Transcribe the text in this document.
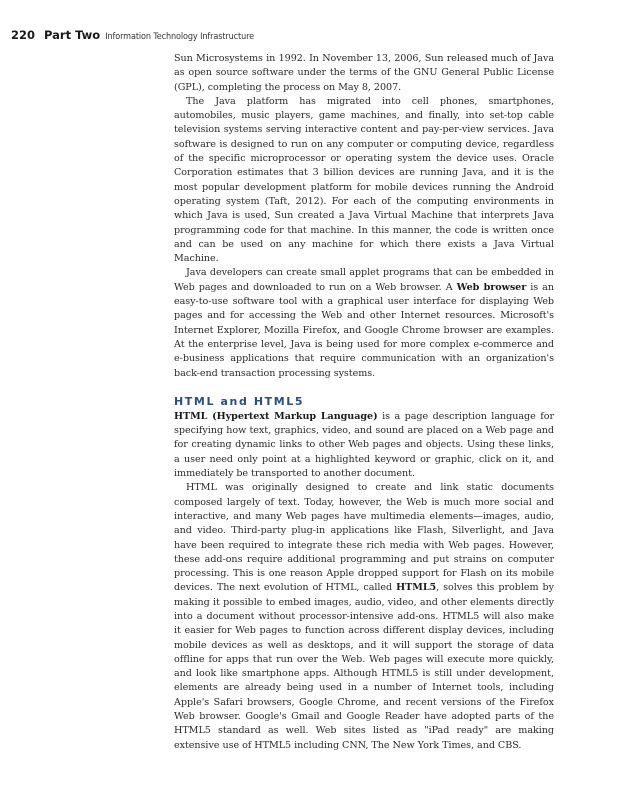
220 Part Two Information Technology Infrastructure

Sun Microsystems in 1992. In November 13, 2006, Sun released much of Java as open source software under the terms of the GNU General Public License (GPL), completing the process on May 8, 2007.

The Java platform has migrated into cell phones, smartphones, automobiles, music players, game machines, and finally, into set-top cable television systems serving interactive content and pay-per-view services. Java software is designed to run on any computer or computing device, regardless of the specific microprocessor or operating system the device uses. Oracle Corporation estimates that 3 billion devices are running Java, and it is the most popular development platform for mobile devices running the Android operating system (Taft, 2012). For each of the computing environments in which Java is used, Sun created a Java Virtual Machine that interprets Java programming code for that machine. In this manner, the code is written once and can be used on any machine for which there exists a Java Virtual Machine.

Java developers can create small applet programs that can be embedded in Web pages and downloaded to run on a Web browser. A Web browser is an easy-to-use software tool with a graphical user interface for displaying Web pages and for accessing the Web and other Internet resources. Microsoft's Internet Explorer, Mozilla Firefox, and Google Chrome browser are examples. At the enterprise level, Java is being used for more complex e-commerce and e-business applications that require communication with an organization's back-end transaction processing systems.

HTML and HTML5

HTML (Hypertext Markup Language) is a page description language for specifying how text, graphics, video, and sound are placed on a Web page and for creating dynamic links to other Web pages and objects. Using these links, a user need only point at a highlighted keyword or graphic, click on it, and immediately be transported to another document.

HTML was originally designed to create and link static documents composed largely of text. Today, however, the Web is much more social and interactive, and many Web pages have multimedia elements—images, audio, and video. Third-party plug-in applications like Flash, Silverlight, and Java have been required to integrate these rich media with Web pages. However, these add-ons require additional programming and put strains on computer processing. This is one reason Apple dropped support for Flash on its mobile devices. The next evolution of HTML, called HTML5, solves this problem by making it possible to embed images, audio, video, and other elements directly into a document without processor-intensive add-ons. HTML5 will also make it easier for Web pages to function across different display devices, including mobile devices as well as desktops, and it will support the storage of data offline for apps that run over the Web. Web pages will execute more quickly, and look like smartphone apps. Although HTML5 is still under development, elements are already being used in a number of Internet tools, including Apple's Safari browsers, Google Chrome, and recent versions of the Firefox Web browser. Google's Gmail and Google Reader have adopted parts of the HTML5 standard as well. Web sites listed as "iPad ready" are making extensive use of HTML5 including CNN, The New York Times, and CBS.
